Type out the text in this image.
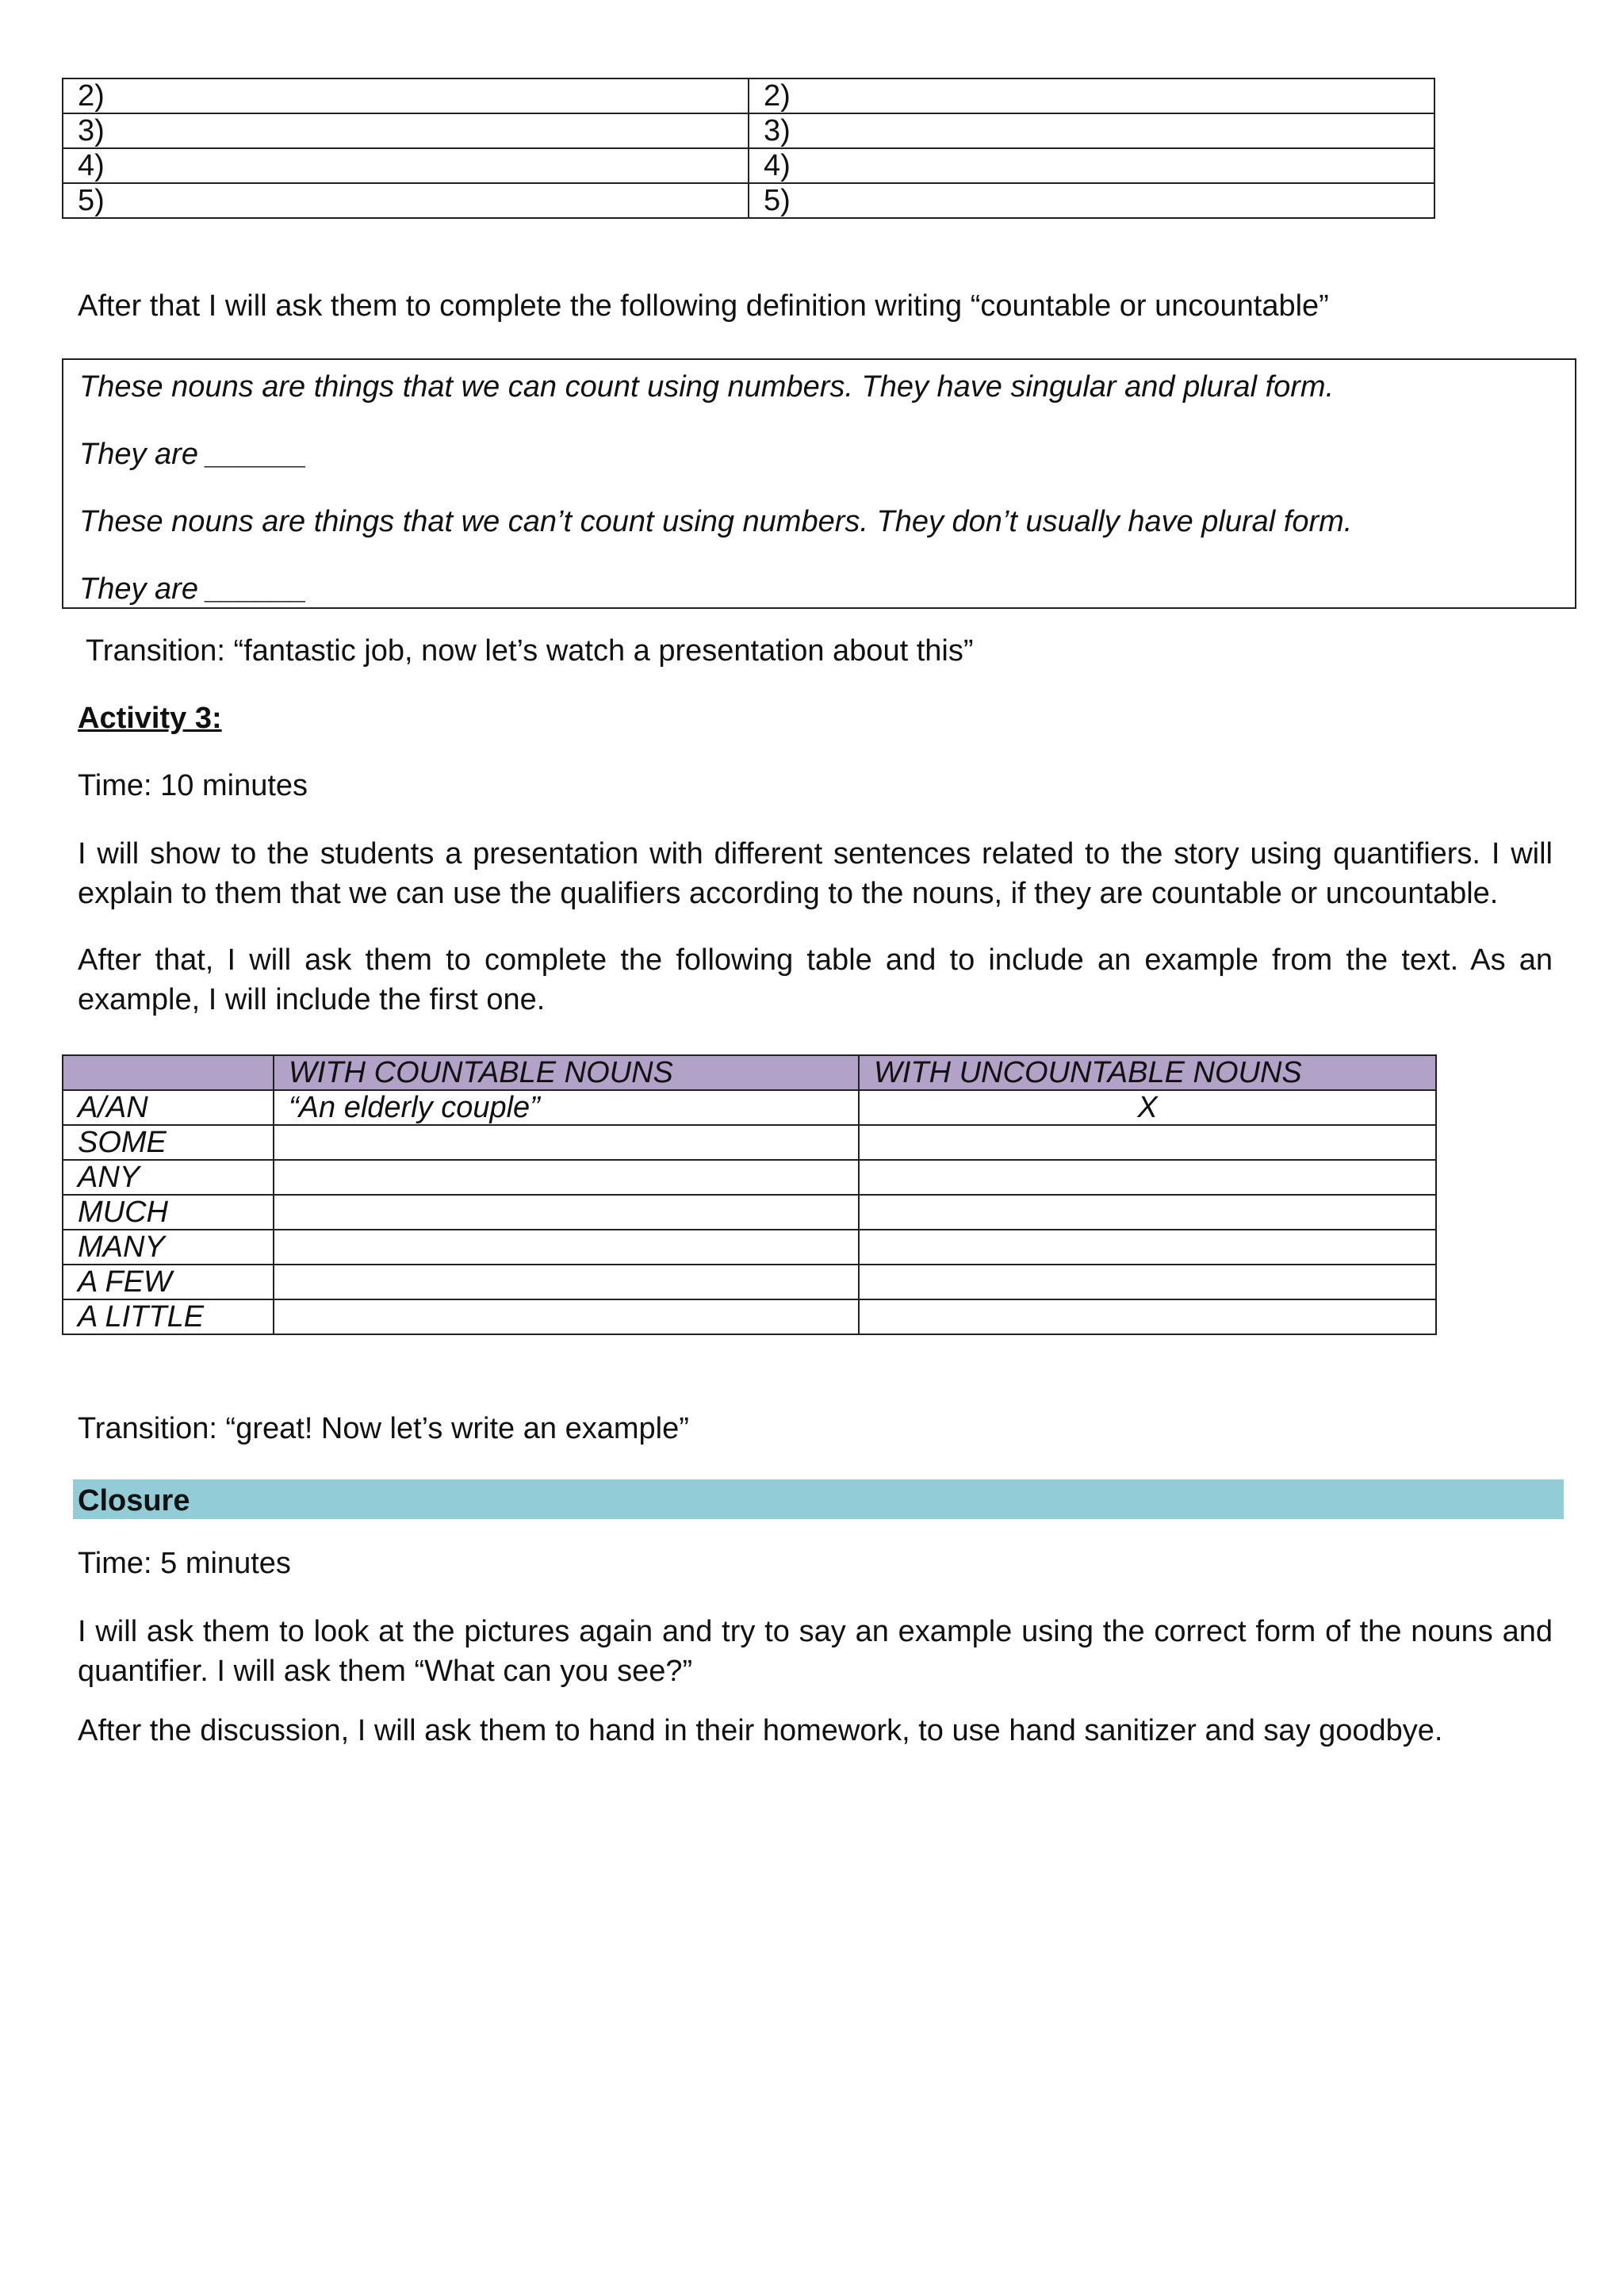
2)	2)
3)	3)
4)	4)
5)	5)

After that I will ask them to complete the following definition writing “countable or uncountable”

These nouns are things that we can count using numbers. They have singular and plural form.

They are ______

These nouns are things that we can’t count using numbers. They don’t usually have plural form.

They are ______

Transition: “fantastic job, now let’s watch a presentation about this”

Activity 3:

Time: 10 minutes

I will show to the students a presentation with different sentences related to the story using quantifiers. I will explain to them that we can use the qualifiers according to the nouns, if they are countable or uncountable.

After that, I will ask them to complete the following table and to include an example from the text. As an example, I will include the first one.

	WITH COUNTABLE NOUNS	WITH UNCOUNTABLE NOUNS
A/AN	“An elderly couple”	X
SOME		
ANY		
MUCH		
MANY		
A FEW		
A LITTLE		

Transition: “great! Now let’s write an example”

Closure

Time: 5 minutes

I will ask them to look at the pictures again and try to say an example using the correct form of the nouns and quantifier. I will ask them “What can you see?”

After the discussion, I will ask them to hand in their homework, to use hand sanitizer and say goodbye.
